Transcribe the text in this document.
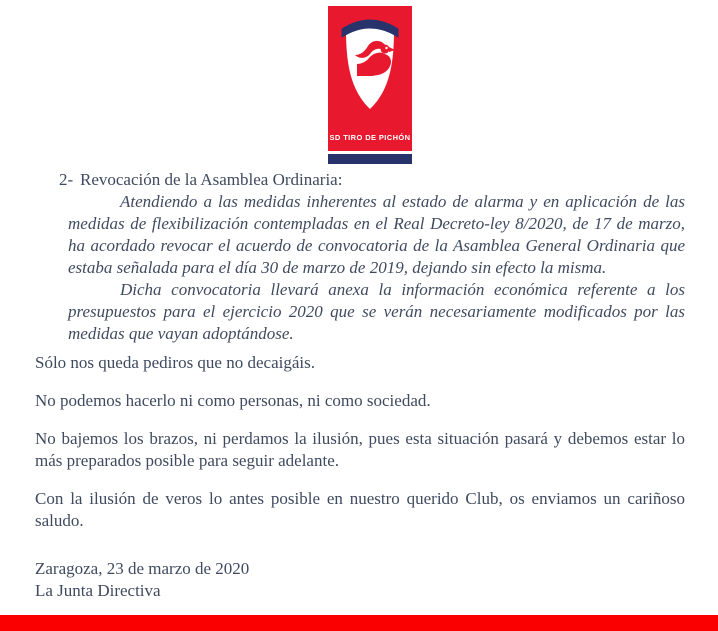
SD TIRO DE PICHÓN
2- Revocación de la Asamblea Ordinaria:
Atendiendo a las medidas inherentes al estado de alarma y en aplicación de las medidas de flexibilización contempladas en el Real Decreto-ley 8/2020, de 17 de marzo, ha acordado revocar el acuerdo de convocatoria de la Asamblea General Ordinaria que estaba señalada para el día 30 de marzo de 2019, dejando sin efecto la misma.
Dicha convocatoria llevará anexa la información económica referente a los presupuestos para el ejercicio 2020 que se verán necesariamente modificados por las medidas que vayan adoptándose.

Sólo nos queda pediros que no decaigáis.

No podemos hacerlo ni como personas, ni como sociedad.

No bajemos los brazos, ni perdamos la ilusión, pues esta situación pasará y debemos estar lo más preparados posible para seguir adelante.

Con la ilusión de veros lo antes posible en nuestro querido Club, os enviamos un cariñoso saludo.

Zaragoza, 23 de marzo de 2020
La Junta Directiva
